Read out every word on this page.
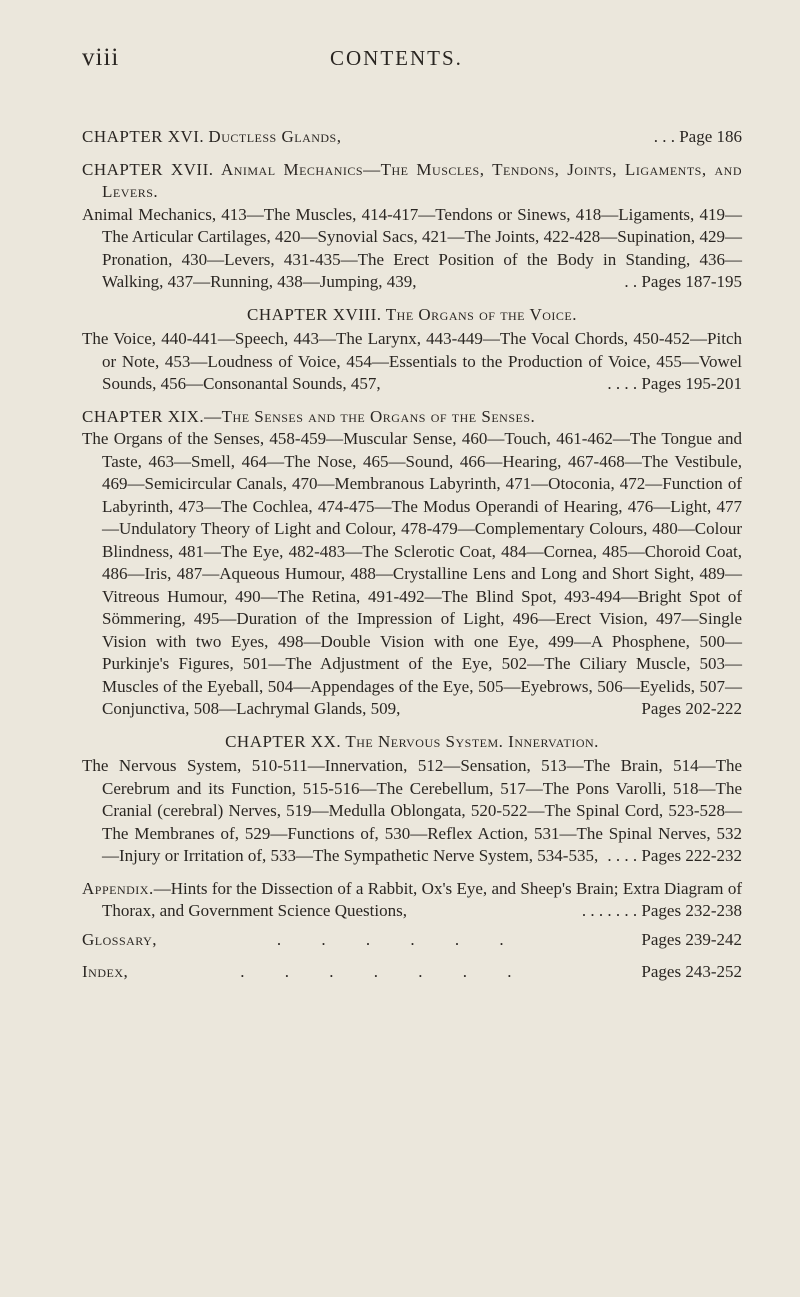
viii	CONTENTS.

CHAPTER XVI. Ductless Glands,	. . . Page 186

CHAPTER XVII. Animal Mechanics—The Muscles, Tendons, Joints, Ligaments, and Levers.

Animal Mechanics, 413—The Muscles, 414-417—Tendons or Sinews, 418—Ligaments, 419—The Articular Cartilages, 420—Synovial Sacs, 421—The Joints, 422-428—Supination, 429—Pronation, 430—Levers, 431-435—The Erect Position of the Body in Standing, 436—Walking, 437—Running, 438—Jumping, 439,	. . Pages 187-195

CHAPTER XVIII. The Organs of the Voice.

The Voice, 440-441—Speech, 443—The Larynx, 443-449—The Vocal Chords, 450-452—Pitch or Note, 453—Loudness of Voice, 454—Essentials to the Production of Voice, 455—Vowel Sounds, 456—Consonantal Sounds, 457,	. . . . Pages 195-201

CHAPTER XIX.—The Senses and the Organs of the Senses.

The Organs of the Senses, 458-459—Muscular Sense, 460—Touch, 461-462—The Tongue and Taste, 463—Smell, 464—The Nose, 465—Sound, 466—Hearing, 467-468—The Vestibule, 469—Semicircular Canals, 470—Membranous Labyrinth, 471—Otoconia, 472—Function of Labyrinth, 473—The Cochlea, 474-475—The Modus Operandi of Hearing, 476—Light, 477—Undulatory Theory of Light and Colour, 478-479—Complementary Colours, 480—Colour Blindness, 481—The Eye, 482-483—The Sclerotic Coat, 484—Cornea, 485—Choroid Coat, 486—Iris, 487—Aqueous Humour, 488—Crystalline Lens and Long and Short Sight, 489—Vitreous Humour, 490—The Retina, 491-492—The Blind Spot, 493-494—Bright Spot of Sömmering, 495—Duration of the Impression of Light, 496—Erect Vision, 497—Single Vision with two Eyes, 498—Double Vision with one Eye, 499—A Phosphene, 500—Purkinje's Figures, 501—The Adjustment of the Eye, 502—The Ciliary Muscle, 503—Muscles of the Eyeball, 504—Appendages of the Eye, 505—Eyebrows, 506—Eyelids, 507—Conjunctiva, 508—Lachrymal Glands, 509,	Pages 202-222

CHAPTER XX. The Nervous System. Innervation.

The Nervous System, 510-511—Innervation, 512—Sensation, 513—The Brain, 514—The Cerebrum and its Function, 515-516—The Cerebellum, 517—The Pons Varolli, 518—The Cranial (cerebral) Nerves, 519—Medulla Oblongata, 520-522—The Spinal Cord, 523-528—The Membranes of, 529—Functions of, 530—Reflex Action, 531—The Spinal Nerves, 532—Injury or Irritation of, 533—The Sympathetic Nerve System, 534-535, . . . . Pages 222-232

Appendix.—Hints for the Dissection of a Rabbit, Ox's Eye, and Sheep's Brain; Extra Diagram of Thorax, and Government Science Questions,	. . . . . . . Pages 232-238

Glossary,	. . . . . .	Pages 239-242
Index,	. . . . . . .	Pages 243-252
